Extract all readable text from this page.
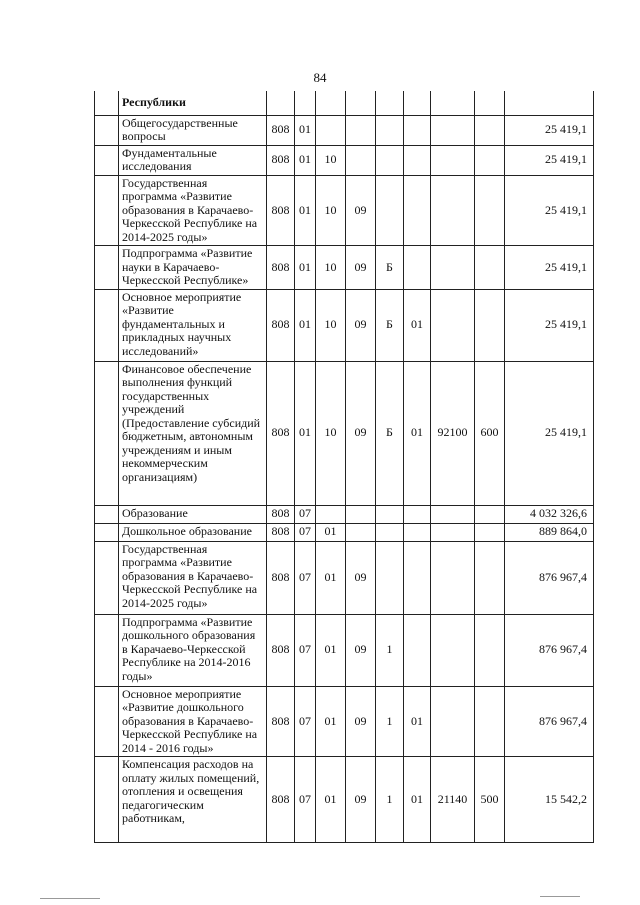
84
	Республики									
	Общегосударственные вопросы	808	01							25 419,1
	Фундаментальные исследования	808	01	10						25 419,1
	Государственная программа «Развитие образования в Карачаево-Черкесской Республике на 2014-2025 годы»	808	01	10	09					25 419,1
	Подпрограмма «Развитие науки в Карачаево-Черкесской Республике»	808	01	10	09	Б				25 419,1
	Основное мероприятие «Развитие фундаментальных и прикладных научных исследований»	808	01	10	09	Б	01			25 419,1
	Финансовое обеспечение выполнения функций государственных учреждений (Предоставление субсидий бюджетным, автономным учреждениям и иным некоммерческим организациям)	808	01	10	09	Б	01	92100	600	25 419,1
	Образование	808	07							4 032 326,6
	Дошкольное образование	808	07	01						889 864,0
	Государственная программа «Развитие образования в Карачаево-Черкесской Республике на 2014-2025 годы»	808	07	01	09					876 967,4
	Подпрограмма «Развитие дошкольного образования в Карачаево-Черкесской Республике на 2014-2016 годы»	808	07	01	09	1				876 967,4
	Основное мероприятие «Развитие дошкольного образования в Карачаево-Черкесской Республике на 2014 - 2016 годы»	808	07	01	09	1	01			876 967,4
	Компенсация расходов на оплату жилых помещений, отопления и освещения педагогическим работникам,	808	07	01	09	1	01	21140	500	15 542,2
